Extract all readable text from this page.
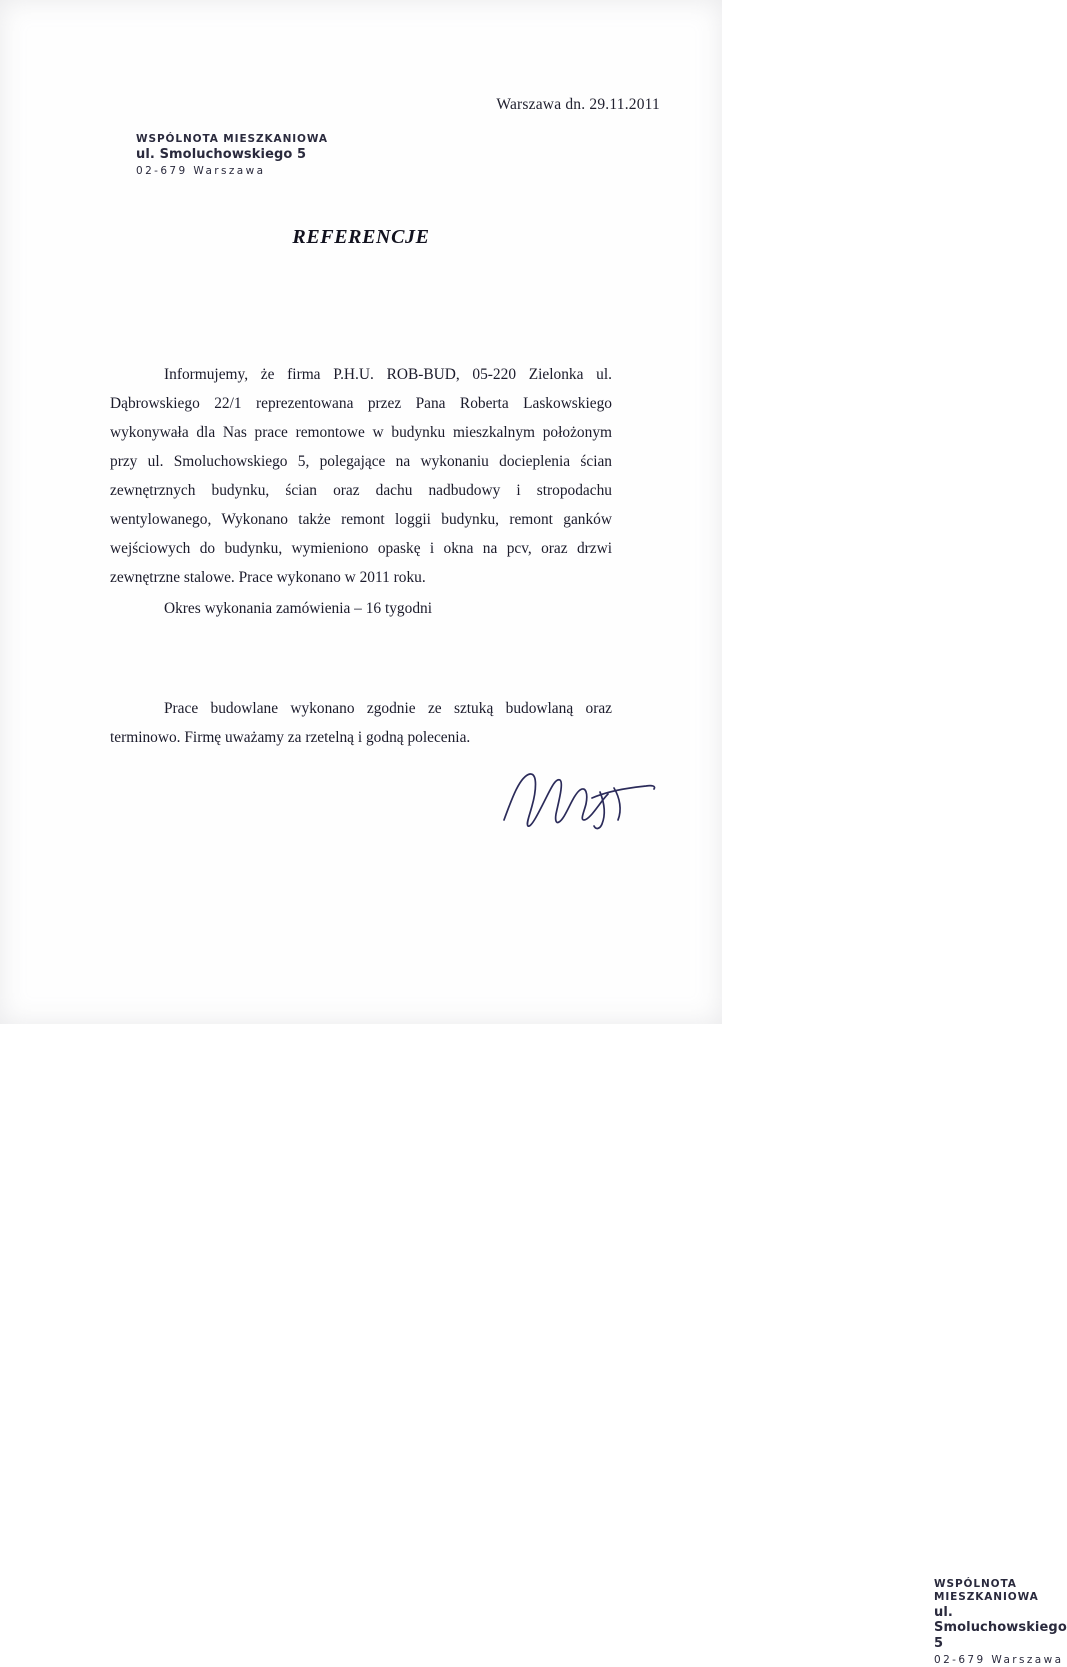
Warszawa dn. 29.11.2011
WSPÓLNOTA MIESZKANIOWA
ul. Smoluchowskiego 5
02-679 Warszawa
REFERENCJE
Informujemy, że firma P.H.U. ROB-BUD, 05-220 Zielonka ul. Dąbrowskiego 22/1 reprezentowana przez Pana Roberta Laskowskiego wykonywała dla Nas prace remontowe w budynku mieszkalnym położonym przy ul. Smoluchowskiego 5, polegające na wykonaniu docieplenia ścian zewnętrznych budynku, ścian oraz dachu nadbudowy i stropodachu wentylowanego, Wykonano także remont loggii budynku, remont ganków wejściowych do budynku, wymieniono opaskę i okna na pcv, oraz drzwi zewnętrzne stalowe. Prace wykonano w 2011 roku.
Okres wykonania zamówienia – 16 tygodni
Prace budowlane wykonano zgodnie ze sztuką budowlaną oraz terminowo. Firmę uważamy za rzetelną i godną polecenia.
WSPÓLNOTA MIESZKANIOWA
ul. Smoluchowskiego 5
02-679 Warszawa
